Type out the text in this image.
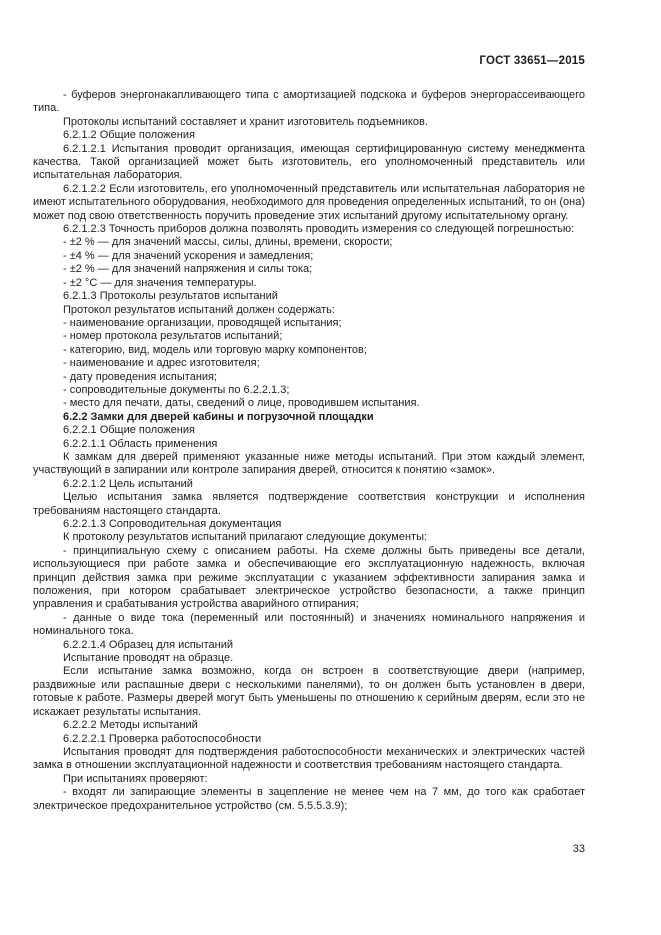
ГОСТ 33651—2015

- буферов энергонакапливающего типа с амортизацией подскока и буферов энергорассеивающего типа.

Протоколы испытаний составляет и хранит изготовитель подъемников.

6.2.1.2 Общие положения

6.2.1.2.1 Испытания проводит организация, имеющая сертифицированную систему менеджмента качества. Такой организацией может быть изготовитель, его уполномоченный представитель или испытательная лаборатория.

6.2.1.2.2 Если изготовитель, его уполномоченный представитель или испытательная лаборатория не имеют испытательного оборудования, необходимого для проведения определенных испытаний, то он (она) может под свою ответственность поручить проведение этих испытаний другому испытательному органу.

6.2.1.2.3 Точность приборов должна позволять проводить измерения со следующей погрешностью:

- ±2 % — для значений массы, силы, длины, времени, скорости;

- ±4 % — для значений ускорения и замедления;

- ±2 % — для значений напряжения и силы тока;

- ±2 °С — для значения температуры.

6.2.1.3 Протоколы результатов испытаний

Протокол результатов испытаний должен содержать:

- наименование организации, проводящей испытания;

- номер протокола результатов испытаний;

- категорию, вид, модель или торговую марку компонентов;

- наименование и адрес изготовителя;

- дату проведения испытания;

- сопроводительные документы по 6.2.2.1.3;

- место для печати, даты, сведений о лице, проводившем испытания.

6.2.2 Замки для дверей кабины и погрузочной площадки

6.2.2.1 Общие положения

6.2.2.1.1 Область применения

К замкам для дверей применяют указанные ниже методы испытаний. При этом каждый элемент, участвующий в запирании или контроле запирания дверей, относится к понятию «замок».

6.2.2.1.2 Цель испытаний

Целью испытания замка является подтверждение соответствия конструкции и исполнения требованиям настоящего стандарта.

6.2.2.1.3 Сопроводительная документация

К протоколу результатов испытаний прилагают следующие документы:

- принципиальную схему с описанием работы. На схеме должны быть приведены все детали, использующиеся при работе замка и обеспечивающие его эксплуатационную надежность, включая принцип действия замка при режиме эксплуатации с указанием эффективности запирания замка и положения, при котором срабатывает электрическое устройство безопасности, а также принцип управления и срабатывания устройства аварийного отпирания;

- данные о виде тока (переменный или постоянный) и значениях номинального напряжения и номинального тока.

6.2.2.1.4 Образец для испытаний

Испытание проводят на образце.

Если испытание замка возможно, когда он встроен в соответствующие двери (например, раздвижные или распашные двери с несколькими панелями), то он должен быть установлен в двери, готовые к работе. Размеры дверей могут быть уменьшены по отношению к серийным дверям, если это не искажает результаты испытания.

6.2.2.2 Методы испытаний

6.2.2.2.1 Проверка работоспособности

Испытания проводят для подтверждения работоспособности механических и электрических частей замка в отношении эксплуатационной надежности и соответствия требованиям настоящего стандарта.

При испытаниях проверяют:

- входят ли запирающие элементы в зацепление не менее чем на 7 мм, до того как сработает электрическое предохранительное устройство (см. 5.5.5.3.9);

33
